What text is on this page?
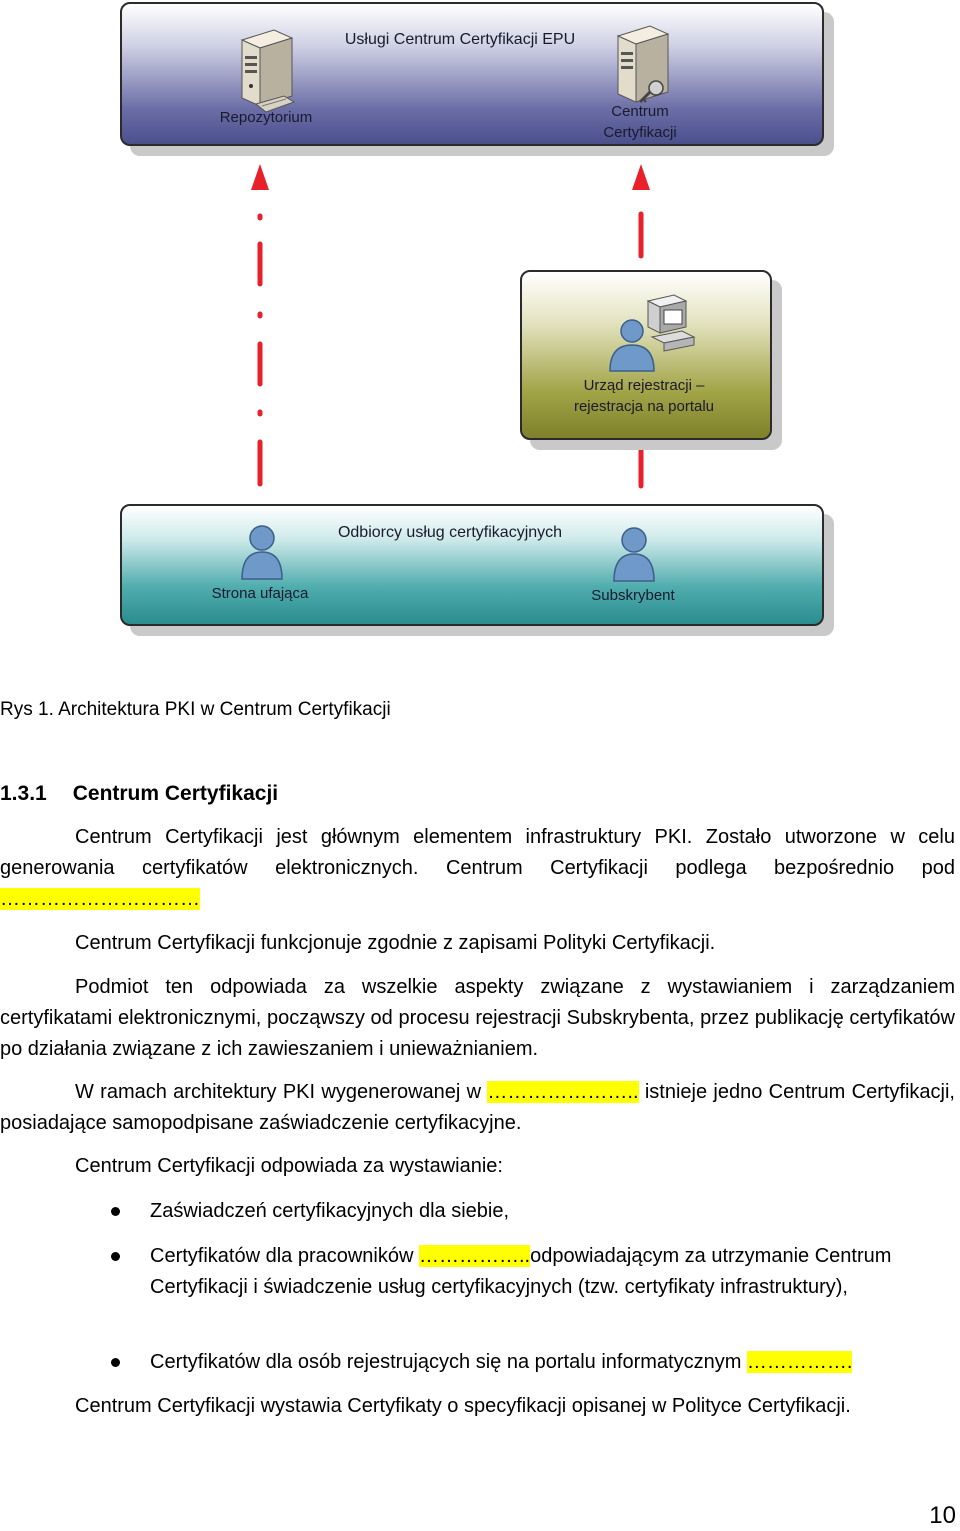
Usługi Centrum Certyfikacji EPU
Repozytorium	Centrum
Certyfikacji
Urząd rejestracji –
rejestracja na portalu
Odbiorcy usług certyfikacyjnych
Strona ufająca	Subskrybent
Rys 1. Architektura PKI w Centrum Certyfikacji
1.3.1 Centrum Certyfikacji
Centrum Certyfikacji jest głównym elementem infrastruktury PKI. Zostało utworzone w celu generowania certyfikatów elektronicznych. Centrum Certyfikacji podlega bezpośrednio pod …………………………
Centrum Certyfikacji funkcjonuje zgodnie z zapisami Polityki Certyfikacji.
Podmiot ten odpowiada za wszelkie aspekty związane z wystawianiem i zarządzaniem certyfikatami elektronicznymi, począwszy od procesu rejestracji Subskrybenta, przez publikację certyfikatów po działania związane z ich zawieszaniem i unieważnianiem.
W ramach architektury PKI wygenerowanej w ………………….. istnieje jedno Centrum Certyfikacji, posiadające samopodpisane zaświadczenie certyfikacyjne.
Centrum Certyfikacji odpowiada za wystawianie:
Zaświadczeń certyfikacyjnych dla siebie,
Certyfikatów dla pracowników ……………..odpowiadającym za utrzymanie Centrum Certyfikacji i świadczenie usług certyfikacyjnych (tzw. certyfikaty infrastruktury),
Certyfikatów dla osób rejestrujących się na portalu informatycznym …………….
Centrum Certyfikacji wystawia Certyfikaty o specyfikacji opisanej w Polityce Certyfikacji.
10
